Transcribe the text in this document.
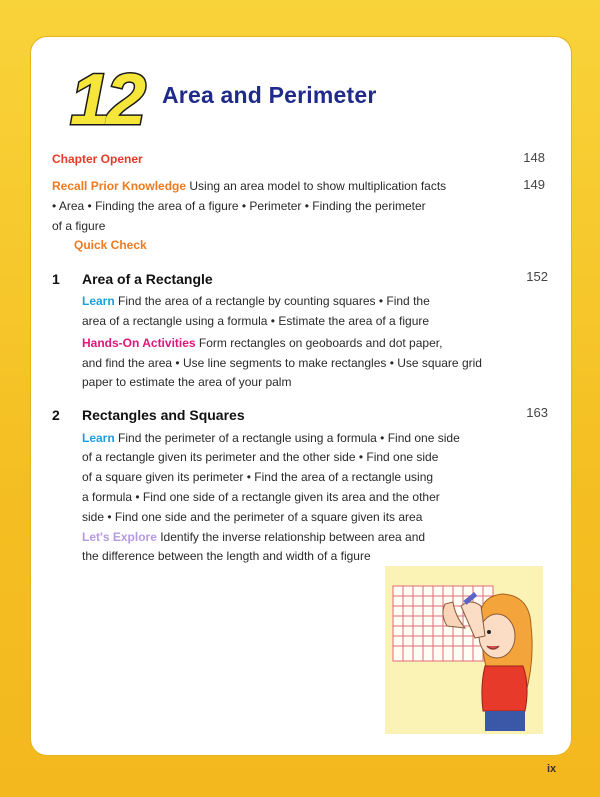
12 Area and Perimeter
Chapter Opener	148
Recall Prior Knowledge Using an area model to show multiplication facts	149
• Area • Finding the area of a figure • Perimeter • Finding the perimeter
of a figure
Quick Check
1 Area of a Rectangle	152
Learn Find the area of a rectangle by counting squares • Find the
area of a rectangle using a formula • Estimate the area of a figure
Hands-On Activities Form rectangles on geoboards and dot paper,
and find the area • Use line segments to make rectangles • Use square grid
paper to estimate the area of your palm
2 Rectangles and Squares	163
Learn Find the perimeter of a rectangle using a formula • Find one side
of a rectangle given its perimeter and the other side • Find one side
of a square given its perimeter • Find the area of a rectangle using
a formula • Find one side of a rectangle given its area and the other
side • Find one side and the perimeter of a square given its area
Let's Explore Identify the inverse relationship between area and
the difference between the length and width of a figure
ix
